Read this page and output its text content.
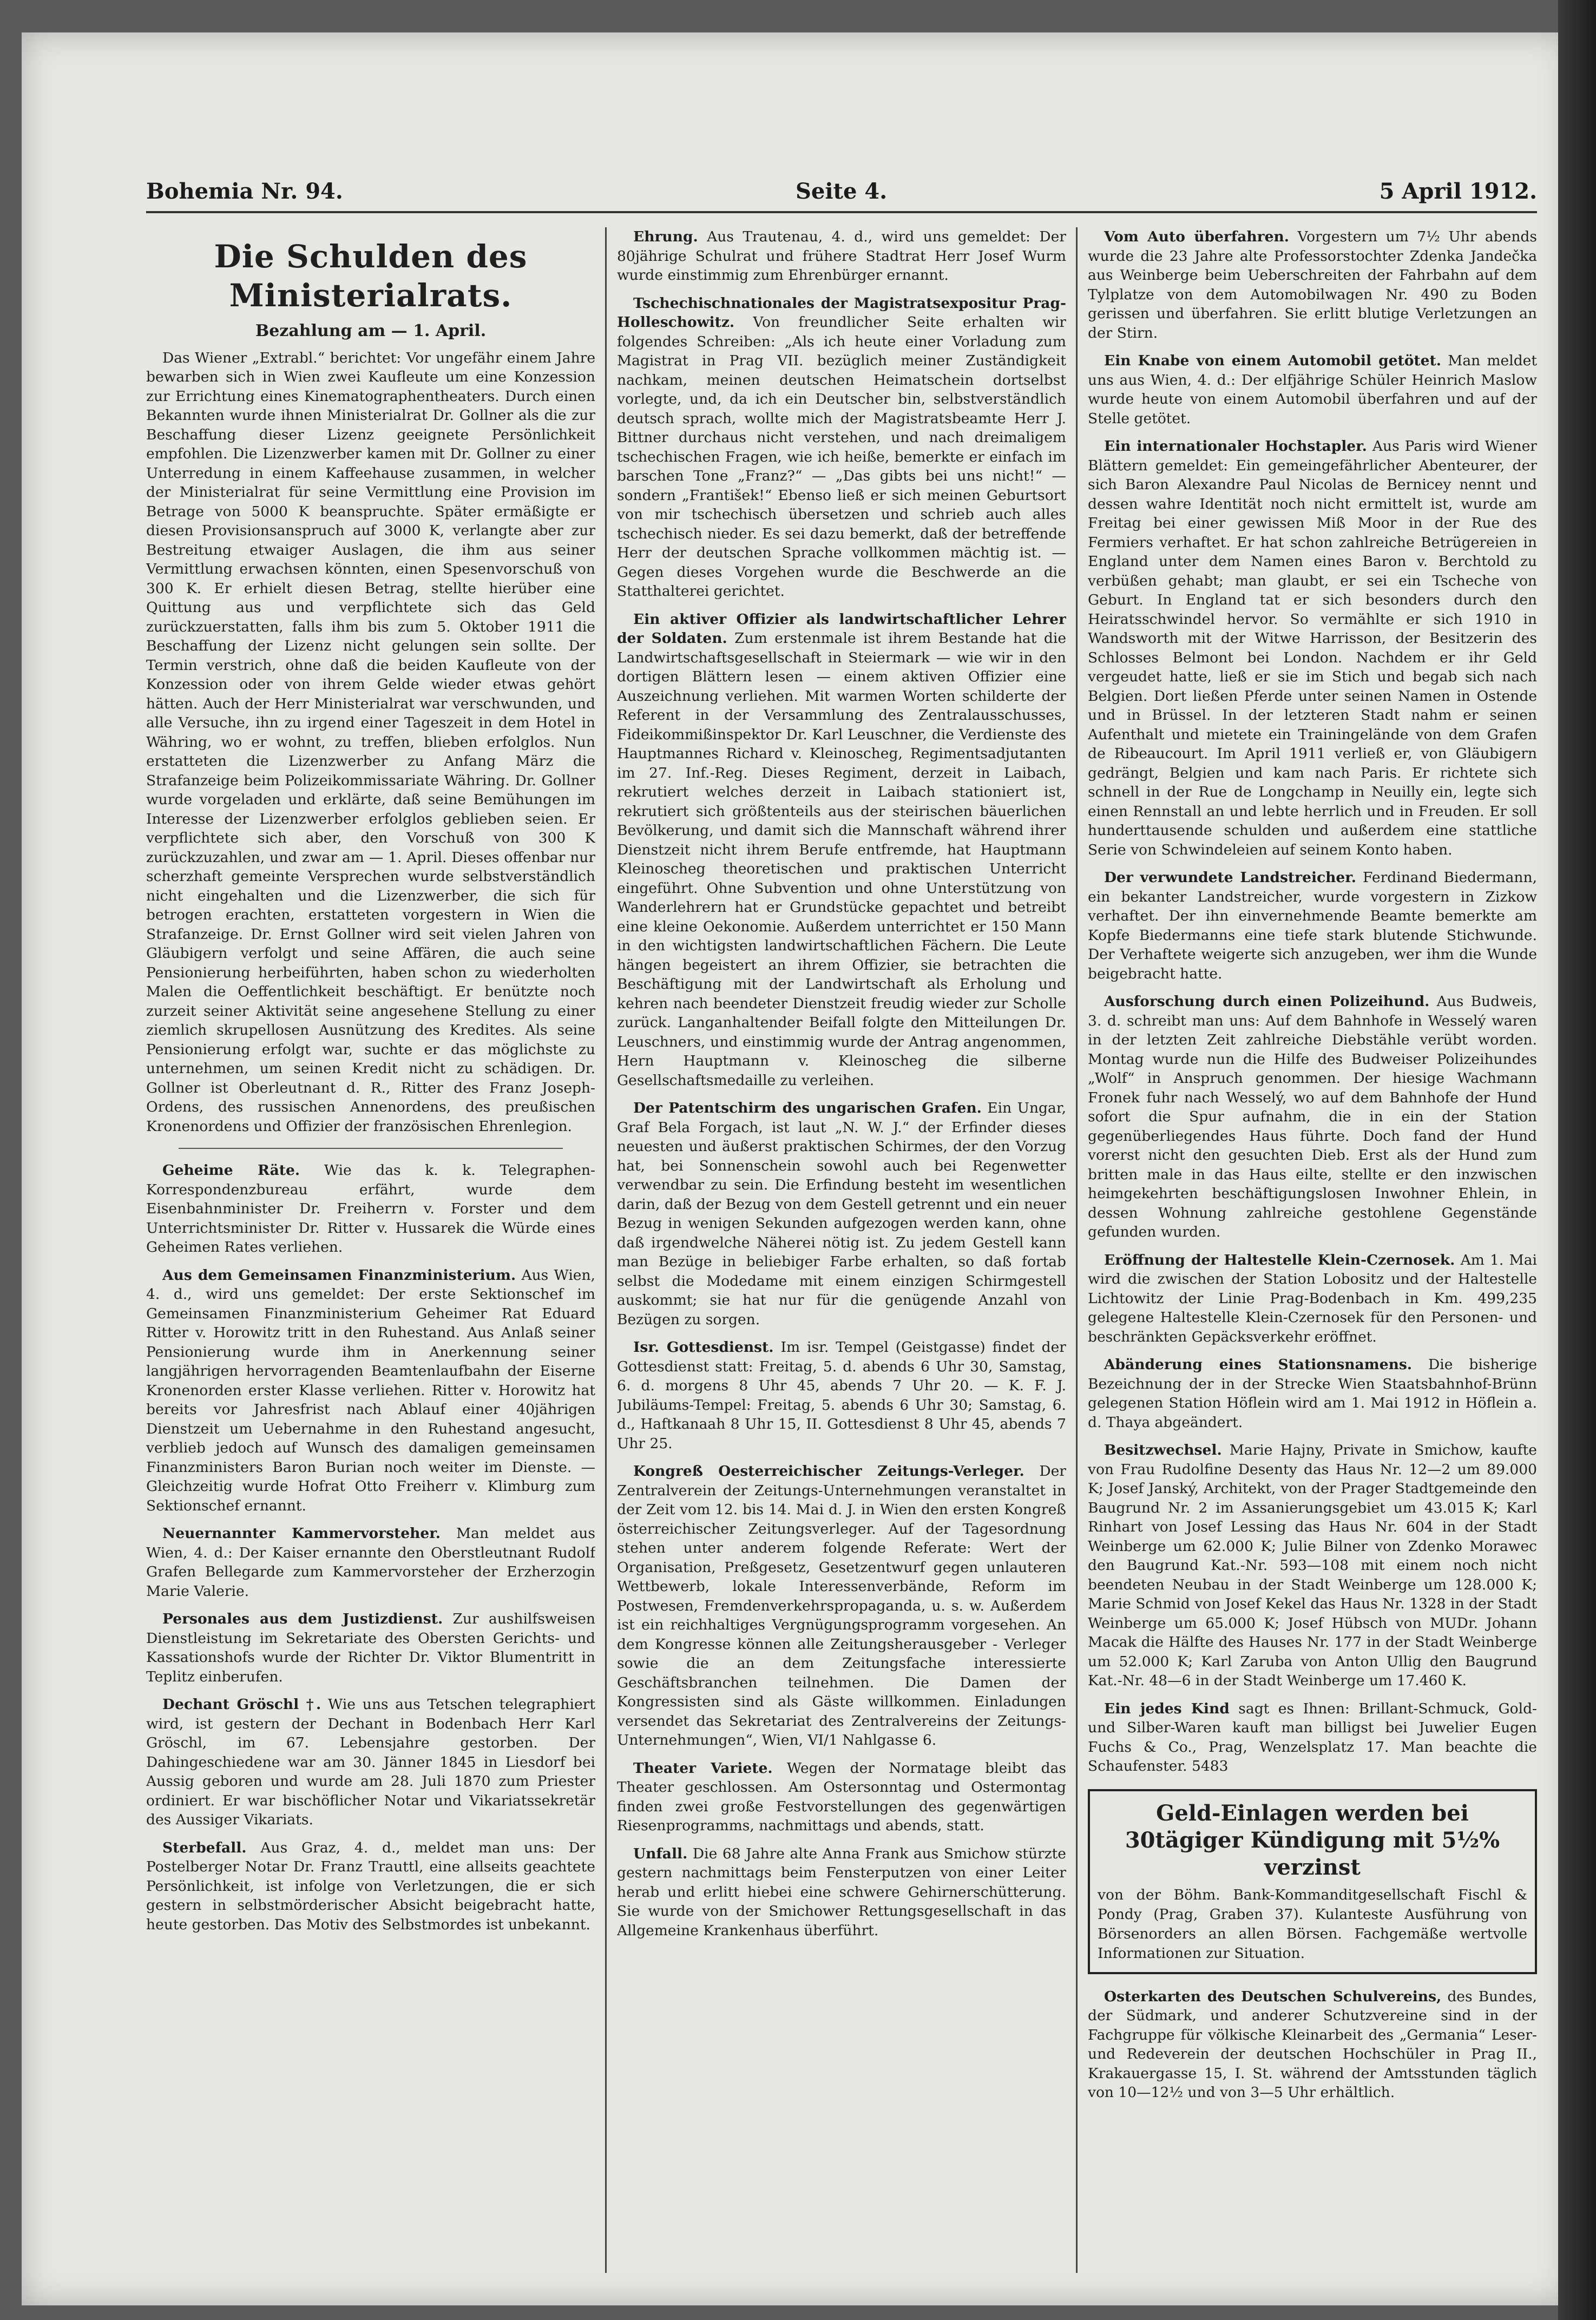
Bohemia Nr. 94.	Seite 4.	5 April 1912.
Die Schulden des Ministerialrats.
Bezahlung am — 1. April.

Das Wiener „Extrabl.“ berichtet: Vor ungefähr einem Jahre bewarben sich in Wien zwei Kaufleute um eine Konzession zur Errichtung eines Kinematographentheaters. Durch einen Bekannten wurde ihnen Ministerialrat Dr. Gollner als die zur Beschaffung dieser Lizenz geeignete Persönlichkeit empfohlen. Die Lizenzwerber kamen mit Dr. Gollner zu einer Unterredung in einem Kaffeehause zusammen, in welcher der Ministerialrat für seine Vermittlung eine Provision im Betrage von 5000 K beanspruchte. Später ermäßigte er diesen Provisionsanspruch auf 3000 K, verlangte aber zur Bestreitung etwaiger Auslagen, die ihm aus seiner Vermittlung erwachsen könnten, einen Spesenvorschuß von 300 K. Er erhielt diesen Betrag, stellte hierüber eine Quittung aus und verpflichtete sich das Geld zurückzuerstatten, falls ihm bis zum 5. Oktober 1911 die Beschaffung der Lizenz nicht gelungen sein sollte. Der Termin verstrich, ohne daß die beiden Kaufleute von der Konzession oder von ihrem Gelde wieder etwas gehört hätten. Auch der Herr Ministerialrat war verschwunden, und alle Versuche, ihn zu irgend einer Tageszeit in dem Hotel in Währing, wo er wohnt, zu treffen, blieben erfolglos. Nun erstatteten die Lizenzwerber zu Anfang März die Strafanzeige beim Polizeikommissariate Währing. Dr. Gollner wurde vorgeladen und erklärte, daß seine Bemühungen im Interesse der Lizenzwerber erfolglos geblieben seien. Er verpflichtete sich aber, den Vorschuß von 300 K zurückzuzahlen, und zwar am — 1. April. Dieses offenbar nur scherzhaft gemeinte Versprechen wurde selbstverständlich nicht eingehalten und die Lizenzwerber, die sich für betrogen erachten, erstatteten vorgestern in Wien die Strafanzeige. Dr. Ernst Gollner wird seit vielen Jahren von Gläubigern verfolgt und seine Affären, die auch seine Pensionierung herbeiführten, haben schon zu wiederholten Malen die Oeffentlichkeit beschäftigt. Er benützte noch zurzeit seiner Aktivität seine angesehene Stellung zu einer ziemlich skrupellosen Ausnützung des Kredites. Als seine Pensionierung erfolgt war, suchte er das möglichste zu unternehmen, um seinen Kredit nicht zu schädigen. Dr. Gollner ist Oberleutnant d. R., Ritter des Franz Joseph-Ordens, des russischen Annenordens, des preußischen Kronenordens und Offizier der französischen Ehrenlegion.

Geheime Räte. Wie das k. k. Telegraphen-Korrespondenzbureau erfährt, wurde dem Eisenbahnminister Dr. Freiherrn v. Forster und dem Unterrichtsminister Dr. Ritter v. Hussarek die Würde eines Geheimen Rates verliehen.

Aus dem Gemeinsamen Finanzministerium. Aus Wien, 4. d., wird uns gemeldet: Der erste Sektionschef im Gemeinsamen Finanzministerium Geheimer Rat Eduard Ritter v. Horowitz tritt in den Ruhestand. Aus Anlaß seiner Pensionierung wurde ihm in Anerkennung seiner langjährigen hervorragenden Beamtenlaufbahn der Eiserne Kronenorden erster Klasse verliehen. Ritter v. Horowitz hat bereits vor Jahresfrist nach Ablauf einer 40jährigen Dienstzeit um Uebernahme in den Ruhestand angesucht, verblieb jedoch auf Wunsch des damaligen gemeinsamen Finanzministers Baron Burian noch weiter im Dienste. — Gleichzeitig wurde Hofrat Otto Freiherr v. Klimburg zum Sektionschef ernannt.

Neuernannter Kammervorsteher. Man meldet aus Wien, 4. d.: Der Kaiser ernannte den Oberstleutnant Rudolf Grafen Bellegarde zum Kammervorsteher der Erzherzogin Marie Valerie.

Personales aus dem Justizdienst. Zur aushilfsweisen Dienstleistung im Sekretariate des Obersten Gerichts- und Kassationshofs wurde der Richter Dr. Viktor Blumentritt in Teplitz einberufen.

Dechant Gröschl †. Wie uns aus Tetschen telegraphiert wird, ist gestern der Dechant in Bodenbach Herr Karl Gröschl, im 67. Lebensjahre gestorben. Der Dahingeschiedene war am 30. Jänner 1845 in Liesdorf bei Aussig geboren und wurde am 28. Juli 1870 zum Priester ordiniert. Er war bischöflicher Notar und Vikariatssekretär des Aussiger Vikariats.

Sterbefall. Aus Graz, 4. d., meldet man uns: Der Postelberger Notar Dr. Franz Trauttl, eine allseits geachtete Persönlichkeit, ist infolge von Verletzungen, die er sich gestern in selbstmörderischer Absicht beigebracht hatte, heute gestorben. Das Motiv des Selbstmordes ist unbekannt.

Ehrung. Aus Trautenau, 4. d., wird uns gemeldet: Der 80jährige Schulrat und frühere Stadtrat Herr Josef Wurm wurde einstimmig zum Ehrenbürger ernannt.

Tschechischnationales der Magistratsexpositur Prag-Holleschowitz. Von freundlicher Seite erhalten wir folgendes Schreiben: „Als ich heute einer Vorladung zum Magistrat in Prag VII. bezüglich meiner Zuständigkeit nachkam, meinen deutschen Heimatschein dortselbst vorlegte, und, da ich ein Deutscher bin, selbstverständlich deutsch sprach, wollte mich der Magistratsbeamte Herr J. Bittner durchaus nicht verstehen, und nach dreimaligem tschechischen Fragen, wie ich heiße, bemerkte er einfach im barschen Tone „Franz?“ — „Das gibts bei uns nicht!“ — sondern „František!“ Ebenso ließ er sich meinen Geburtsort von mir tschechisch übersetzen und schrieb auch alles tschechisch nieder. Es sei dazu bemerkt, daß der betreffende Herr der deutschen Sprache vollkommen mächtig ist. — Gegen dieses Vorgehen wurde die Beschwerde an die Statthalterei gerichtet.

Ein aktiver Offizier als landwirtschaftlicher Lehrer der Soldaten. Zum erstenmale ist ihrem Bestande hat die Landwirtschaftsgesellschaft in Steiermark — wie wir in den dortigen Blättern lesen — einem aktiven Offizier eine Auszeichnung verliehen. Mit warmen Worten schilderte der Referent in der Versammlung des Zentralausschusses, Fideikommißinspektor Dr. Karl Leuschner, die Verdienste des Hauptmannes Richard v. Kleinoscheg, Regimentsadjutanten im 27. Inf.-Reg. Dieses Regiment, derzeit in Laibach, rekrutiert welches derzeit in Laibach stationiert ist, rekrutiert sich größtenteils aus der steirischen bäuerlichen Bevölkerung, und damit sich die Mannschaft während ihrer Dienstzeit nicht ihrem Berufe entfremde, hat Hauptmann Kleinoscheg theoretischen und praktischen Unterricht eingeführt. Ohne Subvention und ohne Unterstützung von Wanderlehrern hat er Grundstücke gepachtet und betreibt eine kleine Oekonomie. Außerdem unterrichtet er 150 Mann in den wichtigsten landwirtschaftlichen Fächern. Die Leute hängen begeistert an ihrem Offizier, sie betrachten die Beschäftigung mit der Landwirtschaft als Erholung und kehren nach beendeter Dienstzeit freudig wieder zur Scholle zurück. Langanhaltender Beifall folgte den Mitteilungen Dr. Leuschners, und einstimmig wurde der Antrag angenommen, Hern Hauptmann v. Kleinoscheg die silberne Gesellschaftsmedaille zu verleihen.

Der Patentschirm des ungarischen Grafen. Ein Ungar, Graf Bela Forgach, ist laut „N. W. J.“ der Erfinder dieses neuesten und äußerst praktischen Schirmes, der den Vorzug hat, bei Sonnenschein sowohl auch bei Regenwetter verwendbar zu sein. Die Erfindung besteht im wesentlichen darin, daß der Bezug von dem Gestell getrennt und ein neuer Bezug in wenigen Sekunden aufgezogen werden kann, ohne daß irgendwelche Näherei nötig ist. Zu jedem Gestell kann man Bezüge in beliebiger Farbe erhalten, so daß fortab selbst die Modedame mit einem einzigen Schirmgestell auskommt; sie hat nur für die genügende Anzahl von Bezügen zu sorgen.

Isr. Gottesdienst. Im isr. Tempel (Geistgasse) findet der Gottesdienst statt: Freitag, 5. d. abends 6 Uhr 30, Samstag, 6. d. morgens 8 Uhr 45, abends 7 Uhr 20. — K. F. J. Jubiläums-Tempel: Freitag, 5. abends 6 Uhr 30; Samstag, 6. d., Haftkanaah 8 Uhr 15, II. Gottesdienst 8 Uhr 45, abends 7 Uhr 25.

Kongreß Oesterreichischer Zeitungs-Verleger. Der Zentralverein der Zeitungs-Unternehmungen veranstaltet in der Zeit vom 12. bis 14. Mai d. J. in Wien den ersten Kongreß österreichischer Zeitungsverleger. Auf der Tagesordnung stehen unter anderem folgende Referate: Wert der Organisation, Preßgesetz, Gesetzentwurf gegen unlauteren Wettbewerb, lokale Interessenverbände, Reform im Postwesen, Fremdenverkehrspropaganda, u. s. w. Außerdem ist ein reichhaltiges Vergnügungsprogramm vorgesehen. An dem Kongresse können alle Zeitungsherausgeber - Verleger sowie die an dem Zeitungsfache interessierte Geschäftsbranchen teilnehmen. Die Damen der Kongressisten sind als Gäste willkommen. Einladungen versendet das Sekretariat des Zentralvereins der Zeitungs-Unternehmungen“, Wien, VI/1 Nahlgasse 6.

Theater Variete. Wegen der Normatage bleibt das Theater geschlossen. Am Ostersonntag und Ostermontag finden zwei große Festvorstellungen des gegenwärtigen Riesenprogramms, nachmittags und abends, statt.

Unfall. Die 68 Jahre alte Anna Frank aus Smichow stürzte gestern nachmittags beim Fensterputzen von einer Leiter herab und erlitt hiebei eine schwere Gehirnerschütterung. Sie wurde von der Smichower Rettungsgesellschaft in das Allgemeine Krankenhaus überführt.

Vom Auto überfahren. Vorgestern um 7½ Uhr abends wurde die 23 Jahre alte Professorstochter Zdenka Jandečka aus Weinberge beim Ueberschreiten der Fahrbahn auf dem Tylplatze von dem Automobilwagen Nr. 490 zu Boden gerissen und überfahren. Sie erlitt blutige Verletzungen an der Stirn.

Ein Knabe von einem Automobil getötet. Man meldet uns aus Wien, 4. d.: Der elfjährige Schüler Heinrich Maslow wurde heute von einem Automobil überfahren und auf der Stelle getötet.

Ein internationaler Hochstapler. Aus Paris wird Wiener Blättern gemeldet: Ein gemeingefährlicher Abenteurer, der sich Baron Alexandre Paul Nicolas de Bernicey nennt und dessen wahre Identität noch nicht ermittelt ist, wurde am Freitag bei einer gewissen Miß Moor in der Rue des Fermiers verhaftet. Er hat schon zahlreiche Betrügereien in England unter dem Namen eines Baron v. Berchtold zu verbüßen gehabt; man glaubt, er sei ein Tscheche von Geburt. In England tat er sich besonders durch den Heiratsschwindel hervor. So vermählte er sich 1910 in Wandsworth mit der Witwe Harrisson, der Besitzerin des Schlosses Belmont bei London. Nachdem er ihr Geld vergeudet hatte, ließ er sie im Stich und begab sich nach Belgien. Dort ließen Pferde unter seinen Namen in Ostende und in Brüssel. In der letzteren Stadt nahm er seinen Aufenthalt und mietete ein Trainingelände von dem Grafen de Ribeaucourt. Im April 1911 verließ er, von Gläubigern gedrängt, Belgien und kam nach Paris. Er richtete sich schnell in der Rue de Longchamp in Neuilly ein, legte sich einen Rennstall an und lebte herrlich und in Freuden. Er soll hunderttausende schulden und außerdem eine stattliche Serie von Schwindeleien auf seinem Konto haben.

Der verwundete Landstreicher. Ferdinand Biedermann, ein bekanter Landstreicher, wurde vorgestern in Zizkow verhaftet. Der ihn einvernehmende Beamte bemerkte am Kopfe Biedermanns eine tiefe stark blutende Stichwunde. Der Verhaftete weigerte sich anzugeben, wer ihm die Wunde beigebracht hatte.

Ausforschung durch einen Polizeihund. Aus Budweis, 3. d. schreibt man uns: Auf dem Bahnhofe in Wesselý waren in der letzten Zeit zahlreiche Diebstähle verübt worden. Montag wurde nun die Hilfe des Budweiser Polizeihundes „Wolf“ in Anspruch genommen. Der hiesige Wachmann Fronek fuhr nach Wesselý, wo auf dem Bahnhofe der Hund sofort die Spur aufnahm, die in ein der Station gegenüberliegendes Haus führte. Doch fand der Hund vorerst nicht den gesuchten Dieb. Erst als der Hund zum britten male in das Haus eilte, stellte er den inzwischen heimgekehrten beschäftigungslosen Inwohner Ehlein, in dessen Wohnung zahlreiche gestohlene Gegenstände gefunden wurden.

Eröffnung der Haltestelle Klein-Czernosek. Am 1. Mai wird die zwischen der Station Lobositz und der Haltestelle Lichtowitz der Linie Prag-Bodenbach in Km. 499,235 gelegene Haltestelle Klein-Czernosek für den Personen- und beschränkten Gepäcksverkehr eröffnet.

Abänderung eines Stationsnamens. Die bisherige Bezeichnung der in der Strecke Wien Staatsbahnhof-Brünn gelegenen Station Höflein wird am 1. Mai 1912 in Höflein a. d. Thaya abgeändert.

Besitzwechsel. Marie Hajny, Private in Smichow, kaufte von Frau Rudolfine Desenty das Haus Nr. 12—2 um 89.000 K; Josef Janský, Architekt, von der Prager Stadtgemeinde den Baugrund Nr. 2 im Assanierungsgebiet um 43.015 K; Karl Rinhart von Josef Lessing das Haus Nr. 604 in der Stadt Weinberge um 62.000 K; Julie Bilner von Zdenko Morawec den Baugrund Kat.-Nr. 593—108 mit einem noch nicht beendeten Neubau in der Stadt Weinberge um 128.000 K; Marie Schmid von Josef Kekel das Haus Nr. 1328 in der Stadt Weinberge um 65.000 K; Josef Hübsch von MUDr. Johann Macak die Hälfte des Hauses Nr. 177 in der Stadt Weinberge um 52.000 K; Karl Zaruba von Anton Ullig den Baugrund Kat.-Nr. 48—6 in der Stadt Weinberge um 17.460 K.

Ein jedes Kind sagt es Ihnen: Brillant-Schmuck, Gold- und Silber-Waren kauft man billigst bei Juwelier Eugen Fuchs & Co., Prag, Wenzelsplatz 17. Man beachte die Schaufenster. 5483

Geld-Einlagen werden bei 30tägiger Kündigung mit 5½% verzinst
von der Böhm. Bank-Kommanditgesellschaft Fischl & Pondy (Prag, Graben 37). Kulanteste Ausführung von Börsenorders an allen Börsen. Fachgemäße wertvolle Informationen zur Situation.

Osterkarten des Deutschen Schulvereins, des Bundes, der Südmark, und anderer Schutzvereine sind in der Fachgruppe für völkische Kleinarbeit des „Germania“ Leser- und Redeverein der deutschen Hochschüler in Prag II., Krakauergasse 15, I. St. während der Amtsstunden täglich von 10—12½ und von 3—5 Uhr erhältlich.
